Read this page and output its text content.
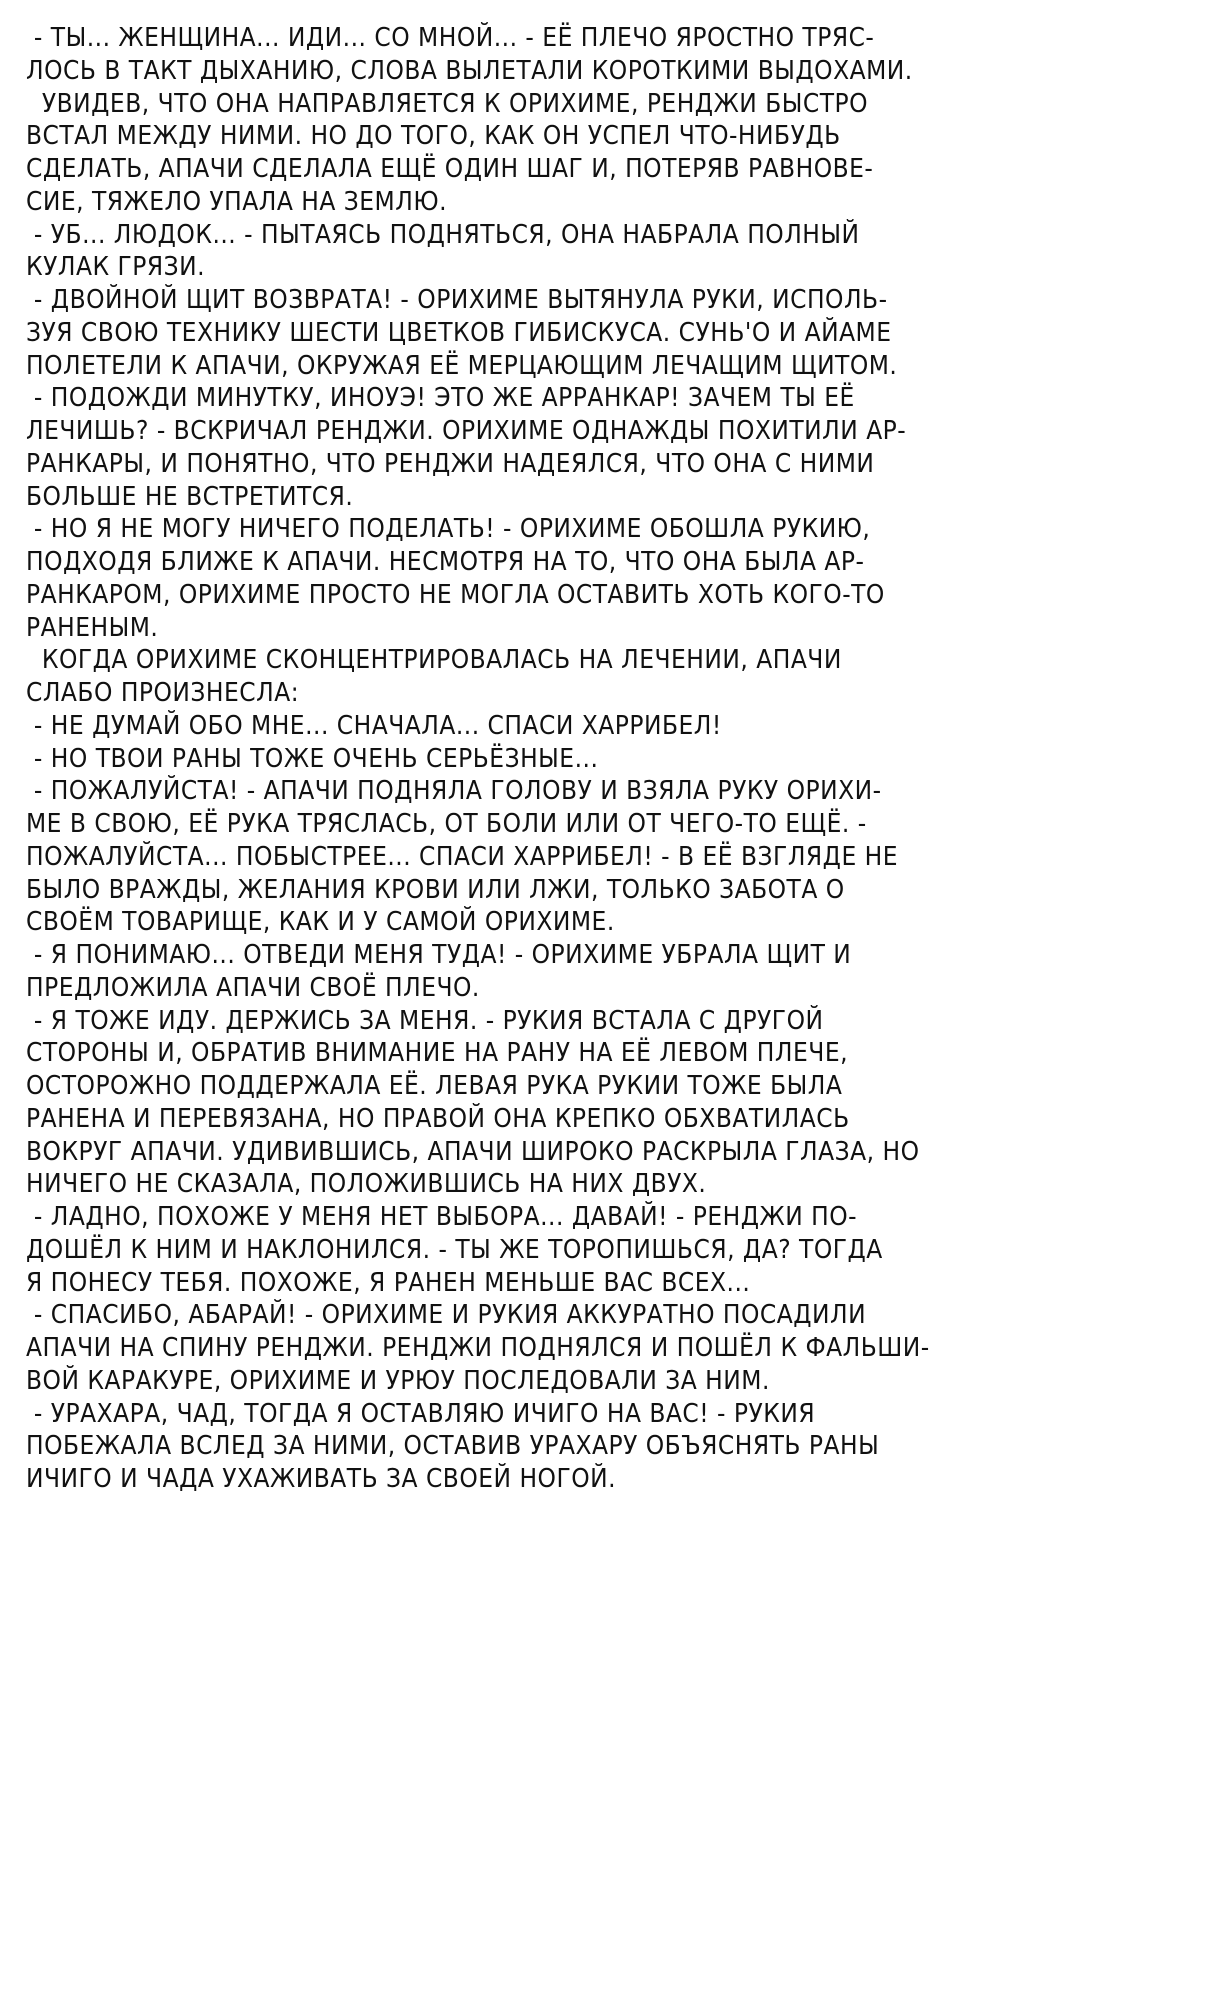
- ТЫ... ЖЕНЩИНА... ИДИ... СО МНОЙ... - ЕЁ ПЛЕЧО ЯРОСТНО ТРЯС-
ЛОСЬ В ТАКТ ДЫХАНИЮ, СЛОВА ВЫЛЕТАЛИ КОРОТКИМИ ВЫДОХАМИ.
УВИДЕВ, ЧТО ОНА НАПРАВЛЯЕТСЯ К ОРИХИМЕ, РЕНДЖИ БЫСТРО
ВСТАЛ МЕЖДУ НИМИ. НО ДО ТОГО, КАК ОН УСПЕЛ ЧТО-НИБУДЬ
СДЕЛАТЬ, АПАЧИ СДЕЛАЛА ЕЩЁ ОДИН ШАГ И, ПОТЕРЯВ РАВНОВЕ-
СИЕ, ТЯЖЕЛО УПАЛА НА ЗЕМЛЮ.
- УБ... ЛЮДОК... - ПЫТАЯСЬ ПОДНЯТЬСЯ, ОНА НАБРАЛА ПОЛНЫЙ
КУЛАК ГРЯЗИ.
- ДВОЙНОЙ ЩИТ ВОЗВРАТА! - ОРИХИМЕ ВЫТЯНУЛА РУКИ, ИСПОЛЬ-
ЗУЯ СВОЮ ТЕХНИКУ ШЕСТИ ЦВЕТКОВ ГИБИСКУСА. СУНЬ'О И АЙАМЕ
ПОЛЕТЕЛИ К АПАЧИ, ОКРУЖАЯ ЕЁ МЕРЦАЮЩИМ ЛЕЧАЩИМ ЩИТОМ.
- ПОДОЖДИ МИНУТКУ, ИНОУЭ! ЭТО ЖЕ АРРАНКАР! ЗАЧЕМ ТЫ ЕЁ
ЛЕЧИШЬ? - ВСКРИЧАЛ РЕНДЖИ. ОРИХИМЕ ОДНАЖДЫ ПОХИТИЛИ АР-
РАНКАРЫ, И ПОНЯТНО, ЧТО РЕНДЖИ НАДЕЯЛСЯ, ЧТО ОНА С НИМИ
БОЛЬШЕ НЕ ВСТРЕТИТСЯ.
- НО Я НЕ МОГУ НИЧЕГО ПОДЕЛАТЬ! - ОРИХИМЕ ОБОШЛА РУКИЮ,
ПОДХОДЯ БЛИЖЕ К АПАЧИ. НЕСМОТРЯ НА ТО, ЧТО ОНА БЫЛА АР-
РАНКАРОМ, ОРИХИМЕ ПРОСТО НЕ МОГЛА ОСТАВИТЬ ХОТЬ КОГО-ТО
РАНЕНЫМ.
КОГДА ОРИХИМЕ СКОНЦЕНТРИРОВАЛАСЬ НА ЛЕЧЕНИИ, АПАЧИ
СЛАБО ПРОИЗНЕСЛА:
- НЕ ДУМАЙ ОБО МНЕ... СНАЧАЛА... СПАСИ ХАРРИБЕЛ!
- НО ТВОИ РАНЫ ТОЖЕ ОЧЕНЬ СЕРЬЁЗНЫЕ...
- ПОЖАЛУЙСТА! - АПАЧИ ПОДНЯЛА ГОЛОВУ И ВЗЯЛА РУКУ ОРИХИ-
МЕ В СВОЮ, ЕЁ РУКА ТРЯСЛАСЬ, ОТ БОЛИ ИЛИ ОТ ЧЕГО-ТО ЕЩЁ. -
ПОЖАЛУЙСТА... ПОБЫСТРЕЕ... СПАСИ ХАРРИБЕЛ! - В ЕЁ ВЗГЛЯДЕ НЕ
БЫЛО ВРАЖДЫ, ЖЕЛАНИЯ КРОВИ ИЛИ ЛЖИ, ТОЛЬКО ЗАБОТА О
СВОЁМ ТОВАРИЩЕ, КАК И У САМОЙ ОРИХИМЕ.
- Я ПОНИМАЮ... ОТВЕДИ МЕНЯ ТУДА! - ОРИХИМЕ УБРАЛА ЩИТ И
ПРЕДЛОЖИЛА АПАЧИ СВОЁ ПЛЕЧО.
- Я ТОЖЕ ИДУ. ДЕРЖИСЬ ЗА МЕНЯ. - РУКИЯ ВСТАЛА С ДРУГОЙ
СТОРОНЫ И, ОБРАТИВ ВНИМАНИЕ НА РАНУ НА ЕЁ ЛЕВОМ ПЛЕЧЕ,
ОСТОРОЖНО ПОДДЕРЖАЛА ЕЁ. ЛЕВАЯ РУКА РУКИИ ТОЖЕ БЫЛА
РАНЕНА И ПЕРЕВЯЗАНА, НО ПРАВОЙ ОНА КРЕПКО ОБХВАТИЛАСЬ
ВОКРУГ АПАЧИ. УДИВИВШИСЬ, АПАЧИ ШИРОКО РАСКРЫЛА ГЛАЗА, НО
НИЧЕГО НЕ СКАЗАЛА, ПОЛОЖИВШИСЬ НА НИХ ДВУХ.
- ЛАДНО, ПОХОЖЕ У МЕНЯ НЕТ ВЫБОРА... ДАВАЙ! - РЕНДЖИ ПО-
ДОШЁЛ К НИМ И НАКЛОНИЛСЯ. - ТЫ ЖЕ ТОРОПИШЬСЯ, ДА? ТОГДА
Я ПОНЕСУ ТЕБЯ. ПОХОЖЕ, Я РАНЕН МЕНЬШЕ ВАС ВСЕХ...
- СПАСИБО, АБАРАЙ! - ОРИХИМЕ И РУКИЯ АККУРАТНО ПОСАДИЛИ
АПАЧИ НА СПИНУ РЕНДЖИ. РЕНДЖИ ПОДНЯЛСЯ И ПОШЁЛ К ФАЛЬШИ-
ВОЙ КАРАКУРЕ, ОРИХИМЕ И УРЮУ ПОСЛЕДОВАЛИ ЗА НИМ.
- УРАХАРА, ЧАД, ТОГДА Я ОСТАВЛЯЮ ИЧИГО НА ВАС! - РУКИЯ
ПОБЕЖАЛА ВСЛЕД ЗА НИМИ, ОСТАВИВ УРАХАРУ ОБЪЯСНЯТЬ РАНЫ
ИЧИГО И ЧАДА УХАЖИВАТЬ ЗА СВОЕЙ НОГОЙ.
